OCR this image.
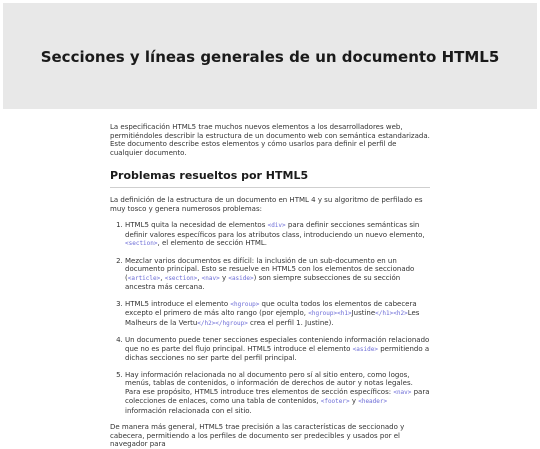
Secciones y líneas generales de un documento HTML5

La especificación HTML5 trae muchos nuevos elementos a los desarrolladores web, permitiéndoles describir la estructura de un documento web con semántica estandarizada. Este documento describe estos elementos y cómo usarlos para definir el perfil de cualquier documento.

Problemas resueltos por HTML5

La definición de la estructura de un documento en HTML 4 y su algoritmo de perfilado es muy tosco y genera numerosos problemas:

1. HTML5 quita la necesidad de elementos <div> para definir secciones semánticas sin definir valores específicos para los atributos class, introduciendo un nuevo elemento, <section>, el elemento de sección HTML.
2. Mezclar varios documentos es difícil: la inclusión de un sub-documento en un documento principal. Esto se resuelve en HTML5 con los elementos de seccionado (<article>, <section>, <nav> y <aside>) son siempre subsecciones de su sección ancestra más cercana.
3. HTML5 introduce el elemento <hgroup> que oculta todos los elementos de cabecera excepto el primero de más alto rango (por ejemplo, <hgroup><h1>Justine</h1><h2>Les Malheurs de la Vertu</h2></hgroup> crea el perfil 1. Justine).
4. Un documento puede tener secciones especiales conteniendo información relacionado que no es parte del flujo principal. HTML5 introduce el elemento <aside> permitiendo a dichas secciones no ser parte del perfil principal.
5. Hay información relacionada no al documento pero sí al sitio entero, como logos, menús, tablas de contenidos, o información de derechos de autor y notas legales. Para ese propósito, HTML5 introduce tres elementos de sección específicos: <nav> para colecciones de enlaces, como una tabla de contenidos, <footer> y <header> información relacionada con el sitio.

De manera más general, HTML5 trae precisión a las características de seccionado y cabecera, permitiendo a los perfiles de documento ser predecibles y usados por el navegador para
